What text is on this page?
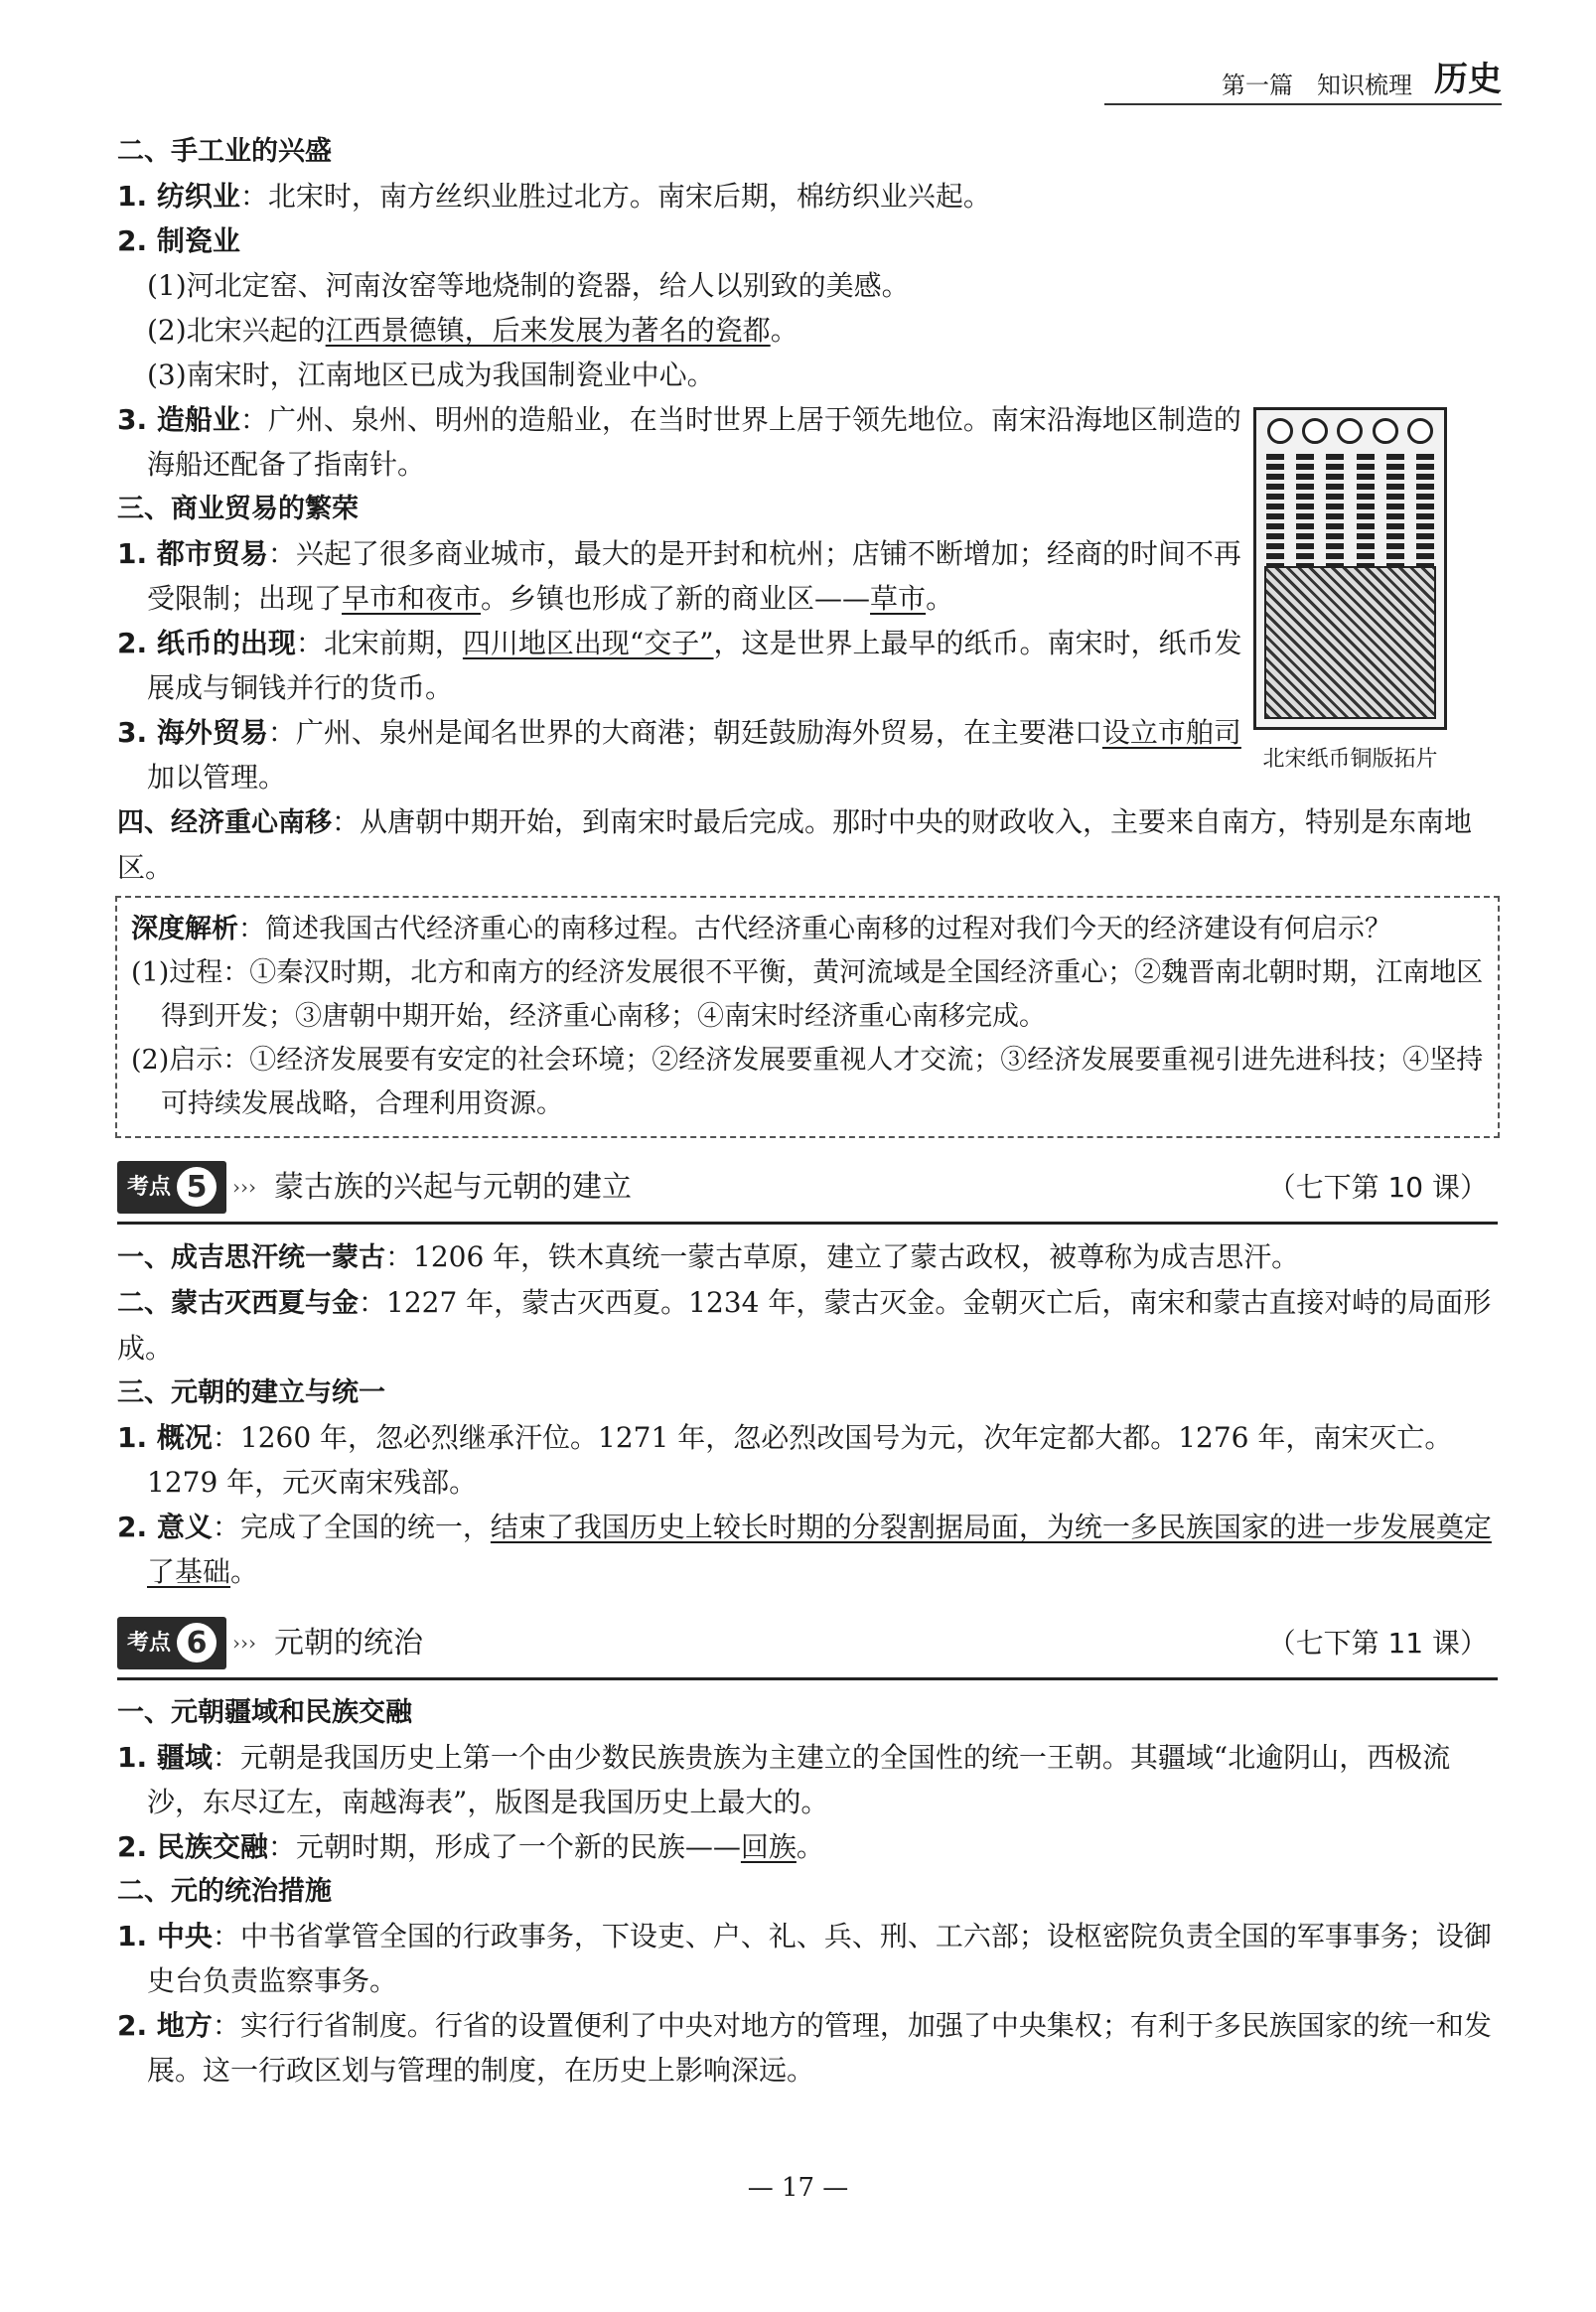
第一篇　知识梳理 历史
北宋纸币铜版拓片

二、手工业的兴盛

1. 纺织业：北宋时，南方丝织业胜过北方。南宋后期，棉纺织业兴起。

2. 制瓷业

(1)河北定窑、河南汝窑等地烧制的瓷器，给人以别致的美感。

(2)北宋兴起的江西景德镇，后来发展为著名的瓷都。

(3)南宋时，江南地区已成为我国制瓷业中心。

3. 造船业：广州、泉州、明州的造船业，在当时世界上居于领先地位。南宋沿海地区制造的海船还配备了指南针。

三、商业贸易的繁荣

1. 都市贸易：兴起了很多商业城市，最大的是开封和杭州；店铺不断增加；经商的时间不再受限制；出现了早市和夜市。乡镇也形成了新的商业区——草市。

2. 纸币的出现：北宋前期，四川地区出现“交子”，这是世界上最早的纸币。南宋时，纸币发展成与铜钱并行的货币。

3. 海外贸易：广州、泉州是闻名世界的大商港；朝廷鼓励海外贸易，在主要港口设立市舶司加以管理。

四、经济重心南移：从唐朝中期开始，到南宋时最后完成。那时中央的财政收入，主要来自南方，特别是东南地区。

深度解析：简述我国古代经济重心的南移过程。古代经济重心南移的过程对我们今天的经济建设有何启示？

(1)过程：①秦汉时期，北方和南方的经济发展很不平衡，黄河流域是全国经济重心；②魏晋南北朝时期，江南地区得到开发；③唐朝中期开始，经济重心南移；④南宋时经济重心南移完成。

(2)启示：①经济发展要有安定的社会环境；②经济发展要重视人才交流；③经济发展要重视引进先进科技；④坚持可持续发展战略，合理利用资源。

考点 5	››› 蒙古族的兴起与元朝的建立	（七下第 10 课）

一、成吉思汗统一蒙古：1206 年，铁木真统一蒙古草原，建立了蒙古政权，被尊称为成吉思汗。

二、蒙古灭西夏与金：1227 年，蒙古灭西夏。1234 年，蒙古灭金。金朝灭亡后，南宋和蒙古直接对峙的局面形成。

三、元朝的建立与统一

1. 概况：1260 年，忽必烈继承汗位。1271 年，忽必烈改国号为元，次年定都大都。1276 年，南宋灭亡。1279 年，元灭南宋残部。

2. 意义：完成了全国的统一，结束了我国历史上较长时期的分裂割据局面，为统一多民族国家的进一步发展奠定了基础。

考点 6	››› 元朝的统治	（七下第 11 课）

一、元朝疆域和民族交融

1. 疆域：元朝是我国历史上第一个由少数民族贵族为主建立的全国性的统一王朝。其疆域“北逾阴山，西极流沙，东尽辽左，南越海表”，版图是我国历史上最大的。

2. 民族交融：元朝时期，形成了一个新的民族——回族。

二、元的统治措施

1. 中央：中书省掌管全国的行政事务，下设吏、户、礼、兵、刑、工六部；设枢密院负责全国的军事事务；设御史台负责监察事务。

2. 地方：实行行省制度。行省的设置便利了中央对地方的管理，加强了中央集权；有利于多民族国家的统一和发展。这一行政区划与管理的制度，在历史上影响深远。

— 17 —
